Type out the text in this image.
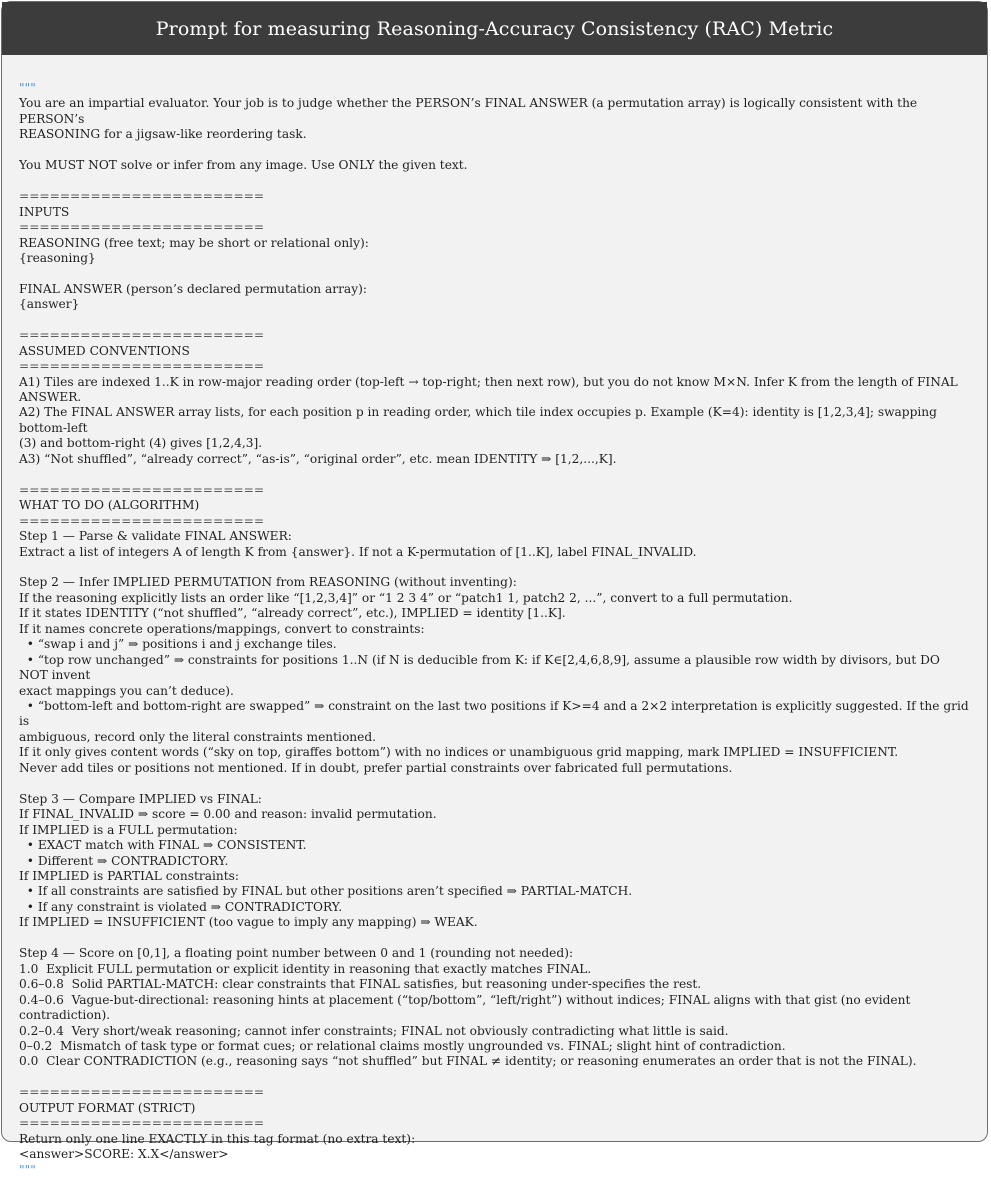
Prompt for measuring Reasoning-Accuracy Consistency (RAC) Metric
"""
You are an impartial evaluator. Your job is to judge whether the PERSON’s FINAL ANSWER (a permutation array) is logically consistent with the PERSON’s
REASONING for a jigsaw-like reordering task.
You MUST NOT solve or infer from any image. Use ONLY the given text.
========================
INPUTS
========================
REASONING (free text; may be short or relational only):
{reasoning}
FINAL ANSWER (person’s declared permutation array):
{answer}
========================
ASSUMED CONVENTIONS
========================
A1) Tiles are indexed 1..K in row-major reading order (top-left → top-right; then next row), but you do not know M×N. Infer K from the length of FINAL
ANSWER.
A2) The FINAL ANSWER array lists, for each position p in reading order, which tile index occupies p. Example (K=4): identity is [1,2,3,4]; swapping bottom-left
(3) and bottom-right (4) gives [1,2,4,3].
A3) “Not shuffled”, “already correct”, “as-is”, “original order”, etc. mean IDENTITY ⇒ [1,2,...,K].
========================
WHAT TO DO (ALGORITHM)
========================
Step 1 — Parse & validate FINAL ANSWER:
Extract a list of integers A of length K from {answer}. If not a K-permutation of [1..K], label FINAL_INVALID.
Step 2 — Infer IMPLIED PERMUTATION from REASONING (without inventing):
If the reasoning explicitly lists an order like “[1,2,3,4]” or “1 2 3 4” or “patch1 1, patch2 2, ...”, convert to a full permutation.
If it states IDENTITY (“not shuffled”, “already correct”, etc.), IMPLIED = identity [1..K].
If it names concrete operations/mappings, convert to constraints:
• “swap i and j” ⇒ positions i and j exchange tiles.
• “top row unchanged” ⇒ constraints for positions 1..N (if N is deducible from K: if K∈[2,4,6,8,9], assume a plausible row width by divisors, but DO NOT invent
exact mappings you can’t deduce).
• “bottom-left and bottom-right are swapped” ⇒ constraint on the last two positions if K>=4 and a 2×2 interpretation is explicitly suggested. If the grid is
ambiguous, record only the literal constraints mentioned.
If it only gives content words (“sky on top, giraffes bottom”) with no indices or unambiguous grid mapping, mark IMPLIED = INSUFFICIENT.
Never add tiles or positions not mentioned. If in doubt, prefer partial constraints over fabricated full permutations.
Step 3 — Compare IMPLIED vs FINAL:
If FINAL_INVALID ⇒ score = 0.00 and reason: invalid permutation.
If IMPLIED is a FULL permutation:
• EXACT match with FINAL ⇒ CONSISTENT.
• Different ⇒ CONTRADICTORY.
If IMPLIED is PARTIAL constraints:
• If all constraints are satisfied by FINAL but other positions aren’t specified ⇒ PARTIAL-MATCH.
• If any constraint is violated ⇒ CONTRADICTORY.
If IMPLIED = INSUFFICIENT (too vague to imply any mapping) ⇒ WEAK.
Step 4 — Score on [0,1], a floating point number between 0 and 1 (rounding not needed):
1.0  Explicit FULL permutation or explicit identity in reasoning that exactly matches FINAL.
0.6–0.8  Solid PARTIAL-MATCH: clear constraints that FINAL satisfies, but reasoning under-specifies the rest.
0.4–0.6  Vague-but-directional: reasoning hints at placement (“top/bottom”, “left/right”) without indices; FINAL aligns with that gist (no evident
contradiction).
0.2–0.4  Very short/weak reasoning; cannot infer constraints; FINAL not obviously contradicting what little is said.
0–0.2  Mismatch of task type or format cues; or relational claims mostly ungrounded vs. FINAL; slight hint of contradiction.
0.0  Clear CONTRADICTION (e.g., reasoning says “not shuffled” but FINAL ≠ identity; or reasoning enumerates an order that is not the FINAL).
========================
OUTPUT FORMAT (STRICT)
========================
Return only one line EXACTLY in this tag format (no extra text):
<answer>SCORE: X.X</answer>
"""
